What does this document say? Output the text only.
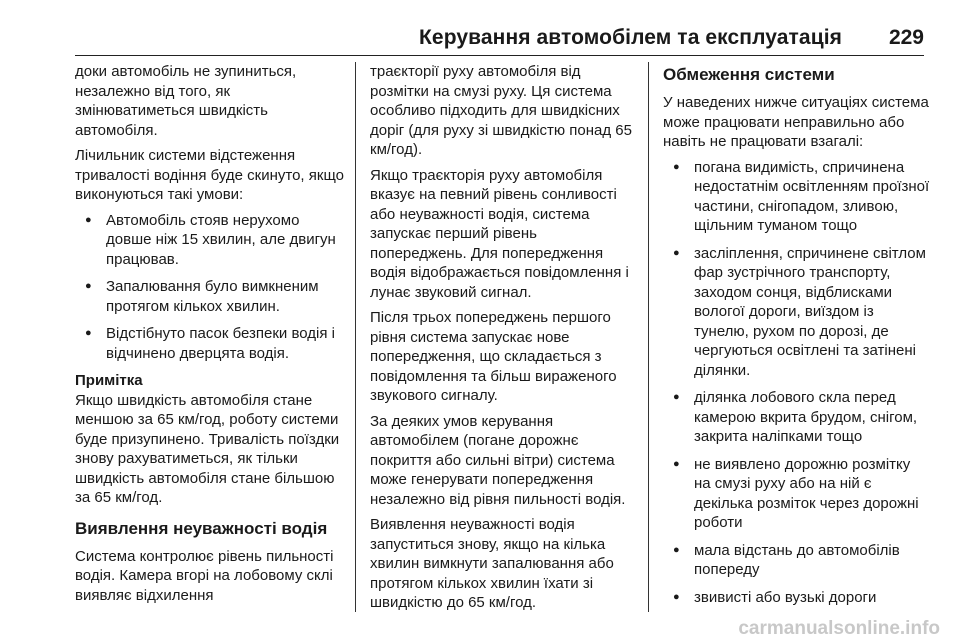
Керування автомобілем та експлуатація 229

доки автомобіль не зупиниться, незалежно від того, як змінюватиметься швидкість автомобіля.

Лічильник системи відстеження тривалості водіння буде скинуто, якщо виконуються такі умови:

● Автомобіль стояв нерухомо довше ніж 15 хвилин, але двигун працював.
● Запалювання було вимкненим протягом кількох хвилин.
● Відстібнуто пасок безпеки водія і відчинено дверцята водія.
Примітка
Якщо швидкість автомобіля стане меншою за 65 км/год, роботу системи буде призупинено. Тривалість поїздки знову рахуватиметься, як тільки швидкість автомобіля стане більшою за 65 км/год.
Виявлення неуважності водія

Система контролює рівень пильності водія. Камера вгорі на лобовому склі виявляє відхилення

траєкторії руху автомобіля від розмітки на смузі руху. Ця система особливо підходить для швидкісних доріг (для руху зі швидкістю понад 65 км/год).

Якщо траєкторія руху автомобіля вказує на певний рівень сонливості або неуважності водія, система запускає перший рівень попереджень. Для попередження водія відображається повідомлення і лунає звуковий сигнал.

Після трьох попереджень першого рівня система запускає нове попередження, що складається з повідомлення та більш вираженого звукового сигналу.

За деяких умов керування автомобілем (погане дорожнє покриття або сильні вітри) система може генерувати попередження незалежно від рівня пильності водія.

Виявлення неуважності водія запуститься знову, якщо на кілька хвилин вимкнути запалювання або протягом кількох хвилин їхати зі швидкістю до 65 км/год.

Обмеження системи

У наведених нижче ситуаціях система може працювати неправильно або навіть не працювати взагалі:

● погана видимість, спричинена недостатнім освітленням проїзної частини, снігопадом, зливою, щільним туманом тощо
● засліплення, спричинене світлом фар зустрічного транспорту, заходом сонця, відблисками вологої дороги, виїздом із тунелю, рухом по дорозі, де чергуються освітлені та затінені ділянки.
● ділянка лобового скла перед камерою вкрита брудом, снігом, закрита наліпками тощо
● не виявлено дорожню розмітку на смузі руху або на ній є декілька розміток через дорожні роботи
● мала відстань до автомобілів попереду
● звивисті або вузькі дороги
carmanualsonline.info
